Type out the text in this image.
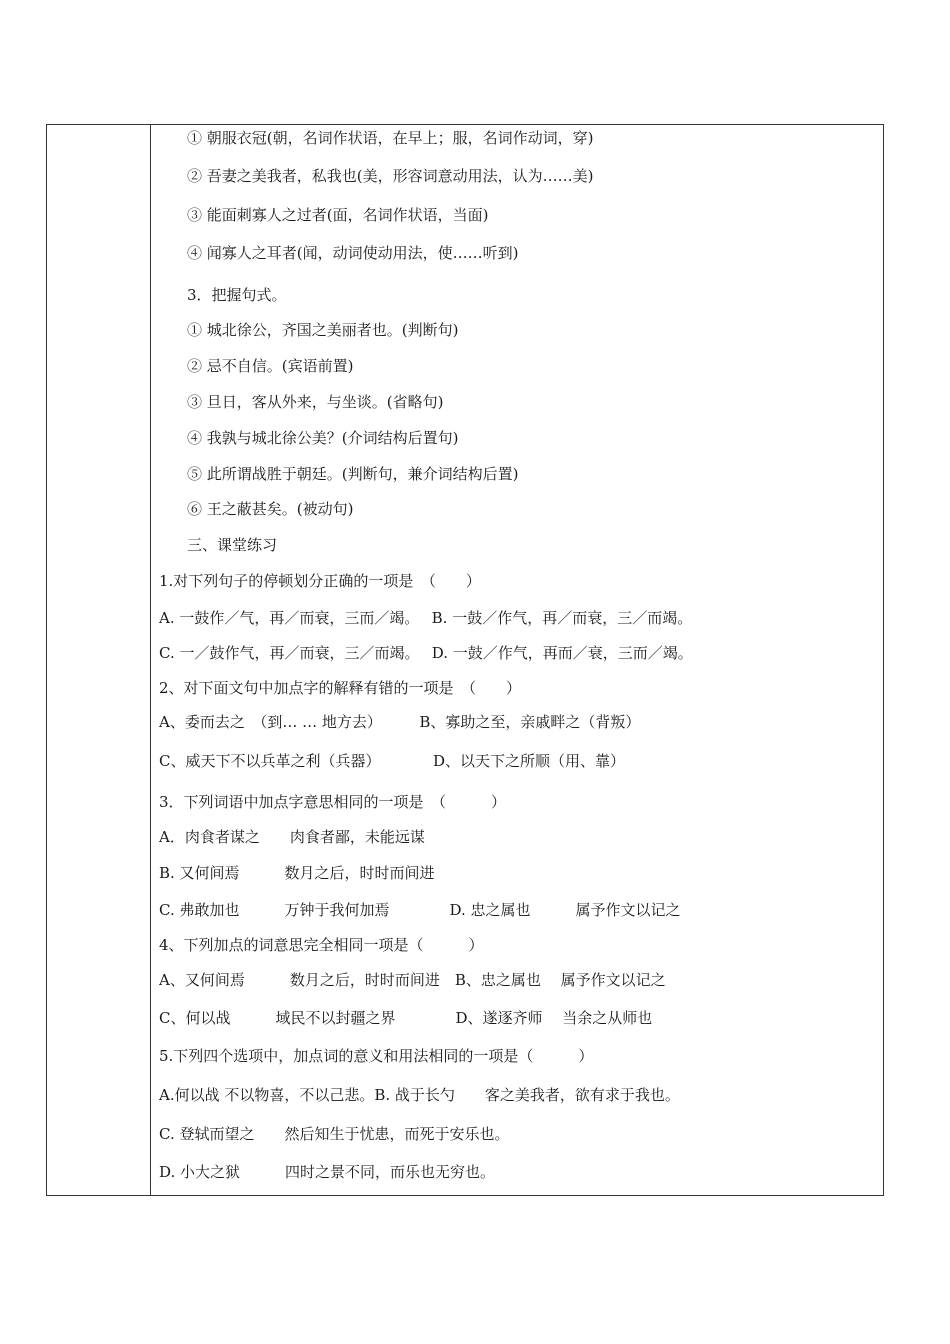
① 朝服衣冠(朝，名词作状语，在早上；服，名词作动词，穿)
② 吾妻之美我者，私我也(美，形容词意动用法，认为……美)
③ 能面刺寡人之过者(面，名词作状语，当面)
④ 闻寡人之耳者(闻，动词使动用法，使……听到)
3．把握句式。
① 城北徐公，齐国之美丽者也。(判断句)
② 忌不自信。(宾语前置)
③ 旦日，客从外来，与坐谈。(省略句)
④ 我孰与城北徐公美？(介词结构后置句)
⑤ 此所谓战胜于朝廷。(判断句，兼介词结构后置)
⑥ 王之蔽甚矣。(被动句)
三、课堂练习
1.对下列句子的停顿划分正确的一项是　（　　）
A. 一鼓作／气，再／而衰，三而／竭。　 B. 一鼓／作气，再／而衰，三／而竭。
C. 一／鼓作气，再／而衰，三／而竭。　 D. 一鼓／作气，再而／衰，三而／竭。
2、对下面文句中加点字的解释有错的一项是　（　　）
A、委而去之　（到… … 地方去）　　　B、寡助之至，亲戚畔之（背叛）
C、威天下不以兵革之利（兵器）　　　　D、以天下之所顺（用、靠）
3．下列词语中加点字意思相同的一项是　（　　　）
A．肉食者谋之　　肉食者鄙，未能远谋
B. 又何间焉　　　数月之后，时时而间进
C. 弗敢加也　　　万钟于我何加焉　　　　D. 忠之属也　　　属予作文以记之
4、下列加点的词意思完全相同一项是（　　　）
A、又何间焉　　　数月之后，时时而间进　B、忠之属也　 属予作文以记之
C、何以战　　　域民不以封疆之界　　　　D、遂逐齐师　 当余之从师也
5.下列四个选项中，加点词的意义和用法相同的一项是（　　　）
A.何以战 不以物喜，不以己悲。B. 战于长勺　　客之美我者，欲有求于我也。
C. 登轼而望之　　然后知生于忧患，而死于安乐也。
D. 小大之狱　　　四时之景不同，而乐也无穷也。
